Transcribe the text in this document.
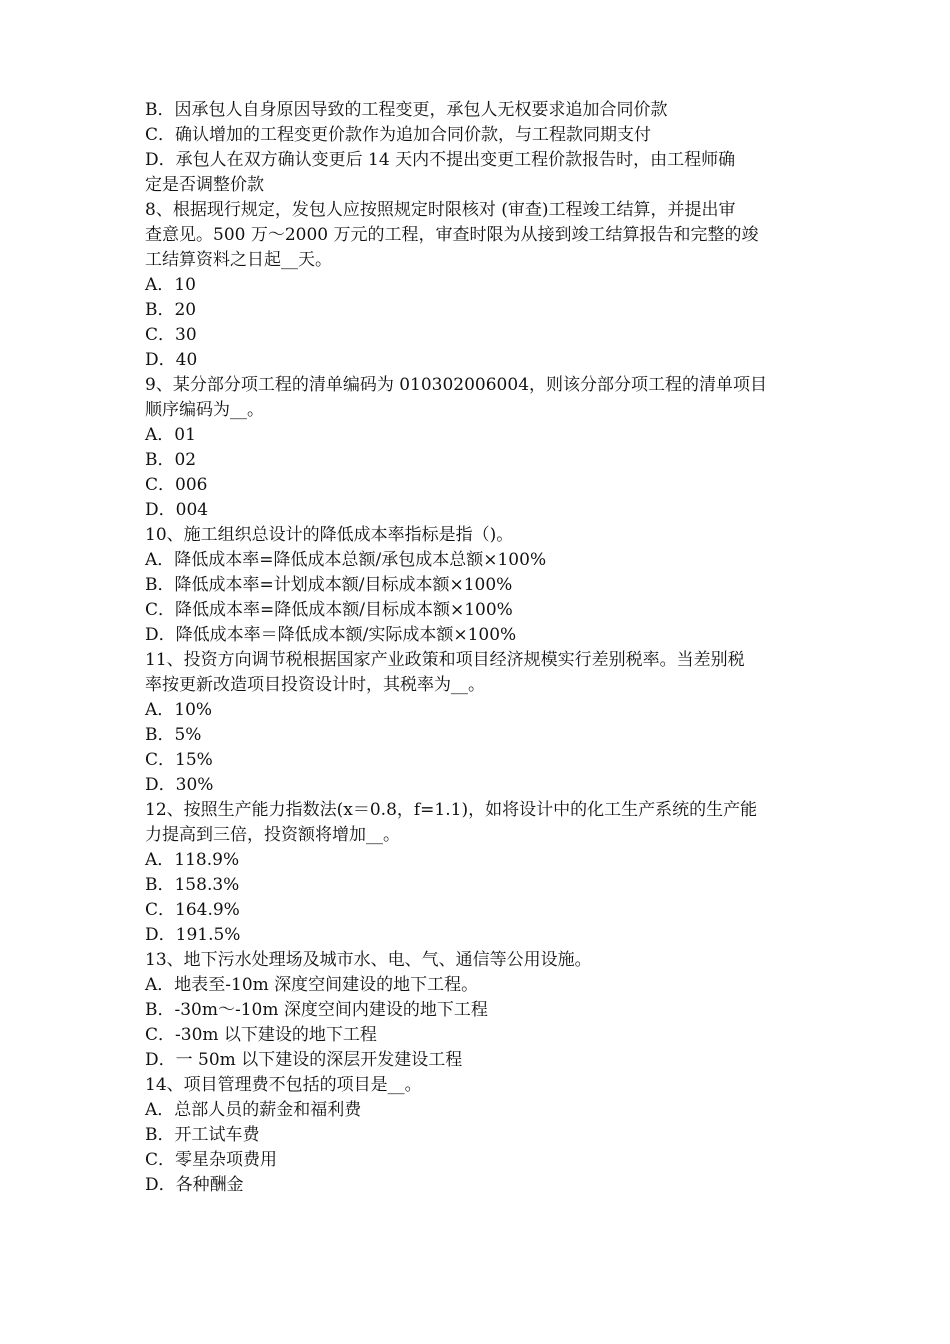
B．因承包人自身原因导致的工程变更，承包人无权要求追加合同价款

C．确认增加的工程变更价款作为追加合同价款，与工程款同期支付

D．承包人在双方确认变更后 14 天内不提出变更工程价款报告时，由工程师确

定是否调整价款

8、根据现行规定，发包人应按照规定时限核对 (审查)工程竣工结算，并提出审

查意见。500 万～2000 万元的工程，审查时限为从接到竣工结算报告和完整的竣

工结算资料之日起__天。

A．10

B．20

C．30

D．40

9、某分部分项工程的清单编码为 010302006004，则该分部分项工程的清单项目

顺序编码为__。

A．01

B．02

C．006

D．004

10、施工组织总设计的降低成本率指标是指（)。

A．降低成本率=降低成本总额/承包成本总额×100%

B．降低成本率=计划成本额/目标成本额×100%

C．降低成本率=降低成本额/目标成本额×100%

D．降低成本率＝降低成本额/实际成本额×100%

11、投资方向调节税根据国家产业政策和项目经济规模实行差别税率。当差别税

率按更新改造项目投资设计时，其税率为__。

A．10%

B．5%

C．15%

D．30%

12、按照生产能力指数法(x＝0.8，f=1.1)，如将设计中的化工生产系统的生产能

力提高到三倍，投资额将增加__。

A．118.9%

B．158.3%

C．164.9%

D．191.5%

13、地下污水处理场及城市水、电、气、通信等公用设施。

A．地表至-10m 深度空间建设的地下工程。

B．-30m～-10m 深度空间内建设的地下工程

C．-30m 以下建设的地下工程

D．一 50m 以下建设的深层开发建设工程

14、项目管理费不包括的项目是__。

A．总部人员的薪金和福利费

B．开工试车费

C．零星杂项费用

D．各种酬金
